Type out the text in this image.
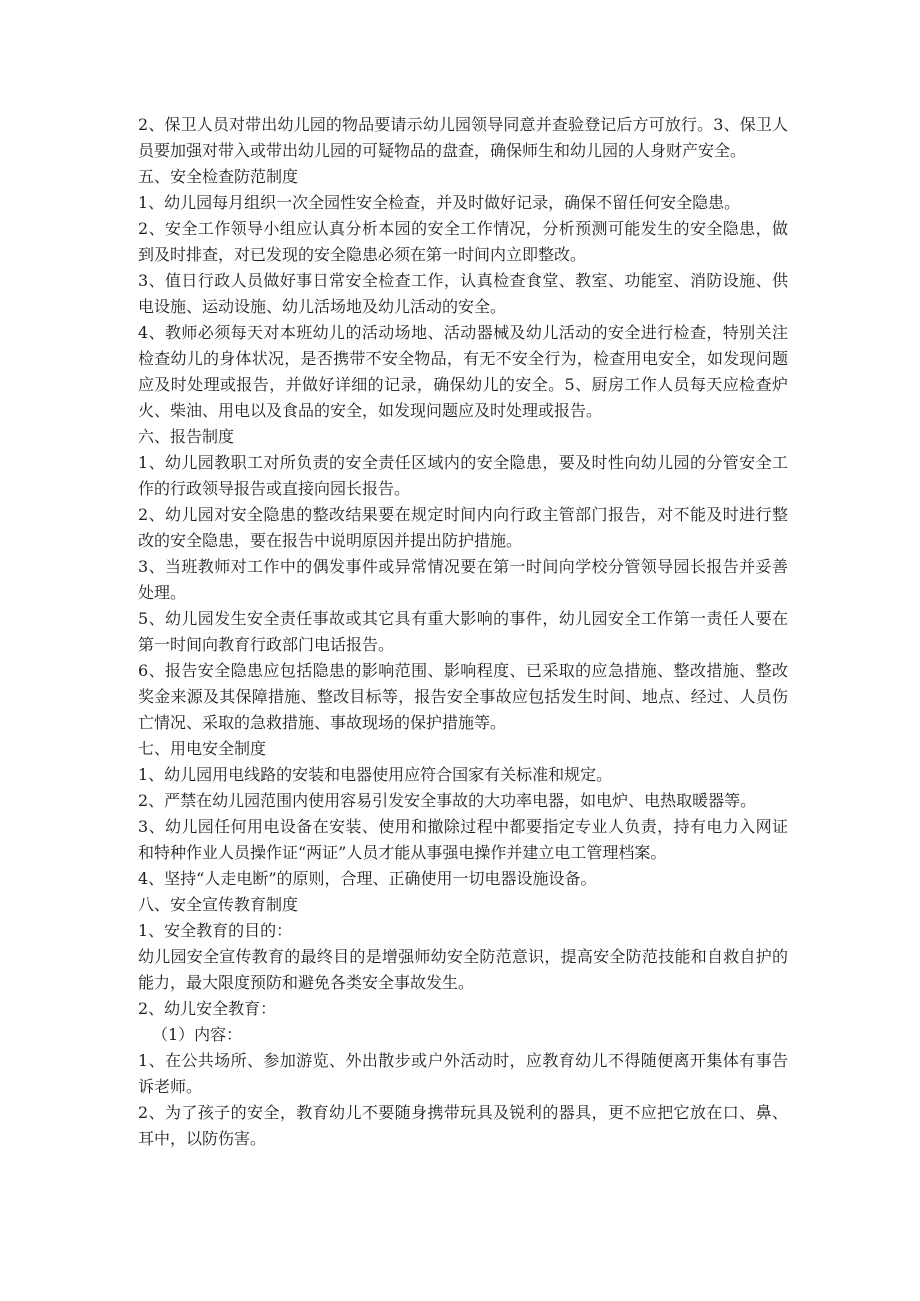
2、保卫人员对带出幼儿园的物品要请示幼儿园领导同意并查验登记后方可放行。3、保卫人员要加强对带入或带出幼儿园的可疑物品的盘查，确保师生和幼儿园的人身财产安全。

五、安全检查防范制度

1、幼儿园每月组织一次全园性安全检查，并及时做好记录，确保不留任何安全隐患。

2、安全工作领导小组应认真分析本园的安全工作情况，分析预测可能发生的安全隐患，做到及时排查，对已发现的安全隐患必须在第一时间内立即整改。

3、值日行政人员做好事日常安全检查工作，认真检查食堂、教室、功能室、消防设施、供电设施、运动设施、幼儿活场地及幼儿活动的安全。

4、教师必须每天对本班幼儿的活动场地、活动器械及幼儿活动的安全进行检查，特别关注检查幼儿的身体状况，是否携带不安全物品，有无不安全行为，检查用电安全，如发现问题应及时处理或报告，并做好详细的记录，确保幼儿的安全。5、厨房工作人员每天应检查炉火、柴油、用电以及食品的安全，如发现问题应及时处理或报告。

六、报告制度

1、幼儿园教职工对所负责的安全责任区域内的安全隐患，要及时性向幼儿园的分管安全工作的行政领导报告或直接向园长报告。

2、幼儿园对安全隐患的整改结果要在规定时间内向行政主管部门报告，对不能及时进行整改的安全隐患，要在报告中说明原因并提出防护措施。

3、当班教师对工作中的偶发事件或异常情况要在第一时间向学校分管领导园长报告并妥善处理。

5、幼儿园发生安全责任事故或其它具有重大影响的事件，幼儿园安全工作第一责任人要在第一时间向教育行政部门电话报告。

6、报告安全隐患应包括隐患的影响范围、影响程度、已采取的应急措施、整改措施、整改奖金来源及其保障措施、整改目标等，报告安全事故应包括发生时间、地点、经过、人员伤亡情况、采取的急救措施、事故现场的保护措施等。

七、用电安全制度

1、幼儿园用电线路的安装和电器使用应符合国家有关标准和规定。

2、严禁在幼儿园范围内使用容易引发安全事故的大功率电器，如电炉、电热取暖器等。

3、幼儿园任何用电设备在安装、使用和撤除过程中都要指定专业人负责，持有电力入网证和特种作业人员操作证“两证”人员才能从事强电操作并建立电工管理档案。

4、坚持“人走电断”的原则，合理、正确使用一切电器设施设备。

八、安全宣传教育制度

1、安全教育的目的：

幼儿园安全宣传教育的最终目的是增强师幼安全防范意识，提高安全防范技能和自救自护的能力，最大限度预防和避免各类安全事故发生。

2、幼儿安全教育：

（1）内容：

1、在公共场所、参加游览、外出散步或户外活动时，应教育幼儿不得随便离开集体有事告诉老师。

2、为了孩子的安全，教育幼儿不要随身携带玩具及锐利的器具，更不应把它放在口、鼻、耳中，以防伤害。
